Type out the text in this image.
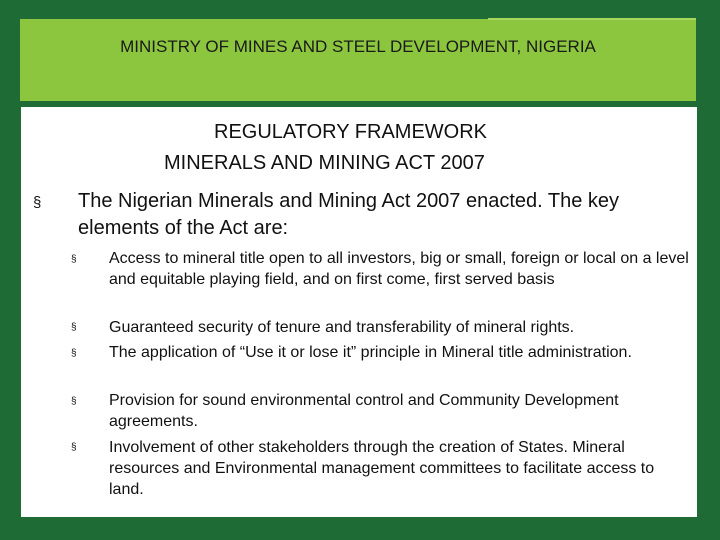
MINISTRY OF MINES AND STEEL DEVELOPMENT, NIGERIA
REGULATORY FRAMEWORK
MINERALS AND MINING ACT 2007
§ The Nigerian Minerals and Mining Act 2007 enacted. The key elements of the Act are:
§ Access to mineral title open to all investors, big or small, foreign or local on a level and equitable playing field, and on first come, first served basis
§ Guaranteed security of tenure and transferability of mineral rights.
§ The application of “Use it or lose it” principle in Mineral title administration.
§ Provision for sound environmental control and Community Development agreements.
§ Involvement of other stakeholders through the creation of States. Mineral resources and Environmental management committees to facilitate access to land.
